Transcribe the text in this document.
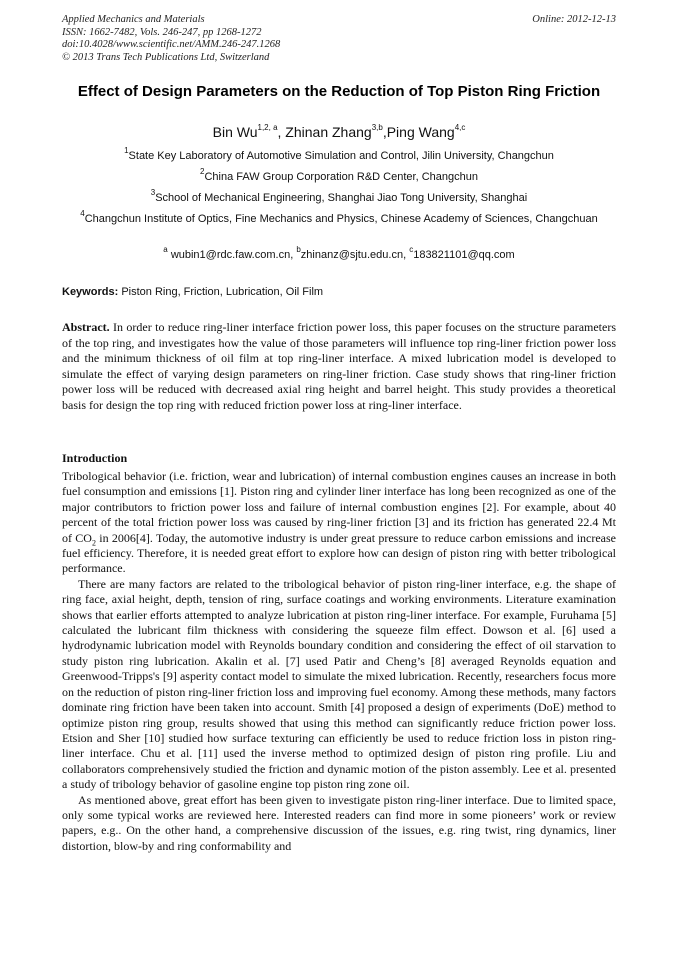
Applied Mechanics and Materials
ISSN: 1662-7482, Vols. 246-247, pp 1268-1272
doi:10.4028/www.scientific.net/AMM.246-247.1268
© 2013 Trans Tech Publications Ltd, Switzerland
Online: 2012-12-13
Effect of Design Parameters on the Reduction of Top Piston Ring Friction
Bin Wu$^{1,2, a}$, Zhinan Zhang$^{3,b}$,Ping Wang$^{4,c}$
$^1$State Key Laboratory of Automotive Simulation and Control, Jilin University, Changchun
$^2$China FAW Group Corporation R&D Center, Changchun
$^3$School of Mechanical Engineering, Shanghai Jiao Tong University, Shanghai
$^4$Changchun Institute of Optics, Fine Mechanics and Physics, Chinese Academy of Sciences, Changchuan
$^a$ wubin1@rdc.faw.com.cn, $^b$zhinanz@sjtu.edu.cn, $^c$183821101@qq.com
Keywords: Piston Ring, Friction, Lubrication, Oil Film
Abstract. In order to reduce ring-liner interface friction power loss, this paper focuses on the structure parameters of the top ring, and investigates how the value of those parameters will influence top ring-liner friction power loss and the minimum thickness of oil film at top ring-liner interface. A mixed lubrication model is developed to simulate the effect of varying design parameters on ring-liner friction. Case study shows that ring-liner friction power loss will be reduced with decreased axial ring height and barrel height. This study provides a theoretical basis for design the top ring with reduced friction power loss at ring-liner interface.
Introduction

Tribological behavior (i.e. friction, wear and lubrication) of internal combustion engines causes an increase in both fuel consumption and emissions [1]. Piston ring and cylinder liner interface has long been recognized as one of the major contributors to friction power loss and failure of internal combustion engines [2]. For example, about 40 percent of the total friction power loss was caused by ring-liner friction [3] and its friction has generated 22.4 Mt of $CO_2$ in 2006[4]. Today, the automotive industry is under great pressure to reduce carbon emissions and increase fuel efficiency. Therefore, it is needed great effort to explore how can design of piston ring with better tribological performance.

There are many factors are related to the tribological behavior of piston ring-liner interface, e.g. the shape of ring face, axial height, depth, tension of ring, surface coatings and working environments. Literature examination shows that earlier efforts attempted to analyze lubrication at piston ring-liner interface. For example, Furuhama [5] calculated the lubricant film thickness with considering the squeeze film effect. Dowson et al. [6] used a hydrodynamic lubrication model with Reynolds boundary condition and considering the effect of oil starvation to study piston ring lubrication. Akalin et al. [7] used Patir and Cheng’s [8] averaged Reynolds equation and Greenwood-Tripps's [9] asperity contact model to simulate the mixed lubrication. Recently, researchers focus more on the reduction of piston ring-liner friction loss and improving fuel economy. Among these methods, many factors dominate ring friction have been taken into account. Smith [4] proposed a design of experiments (DoE) method to optimize piston ring group, results showed that using this method can significantly reduce friction power loss. Etsion and Sher [10] studied how surface texturing can efficiently be used to reduce friction loss in piston ring-liner interface. Chu et al. [11] used the inverse method to optimized design of piston ring profile. Liu and collaborators comprehensively studied the friction and dynamic motion of the piston assembly. Lee et al. presented a study of tribology behavior of gasoline engine top piston ring zone oil.

As mentioned above, great effort has been given to investigate piston ring-liner interface. Due to limited space, only some typical works are reviewed here. Interested readers can find more in some pioneers’ work or review papers, e.g.. On the other hand, a comprehensive discussion of the issues, e.g. ring twist, ring dynamics, liner distortion, blow-by and ring conformability and
